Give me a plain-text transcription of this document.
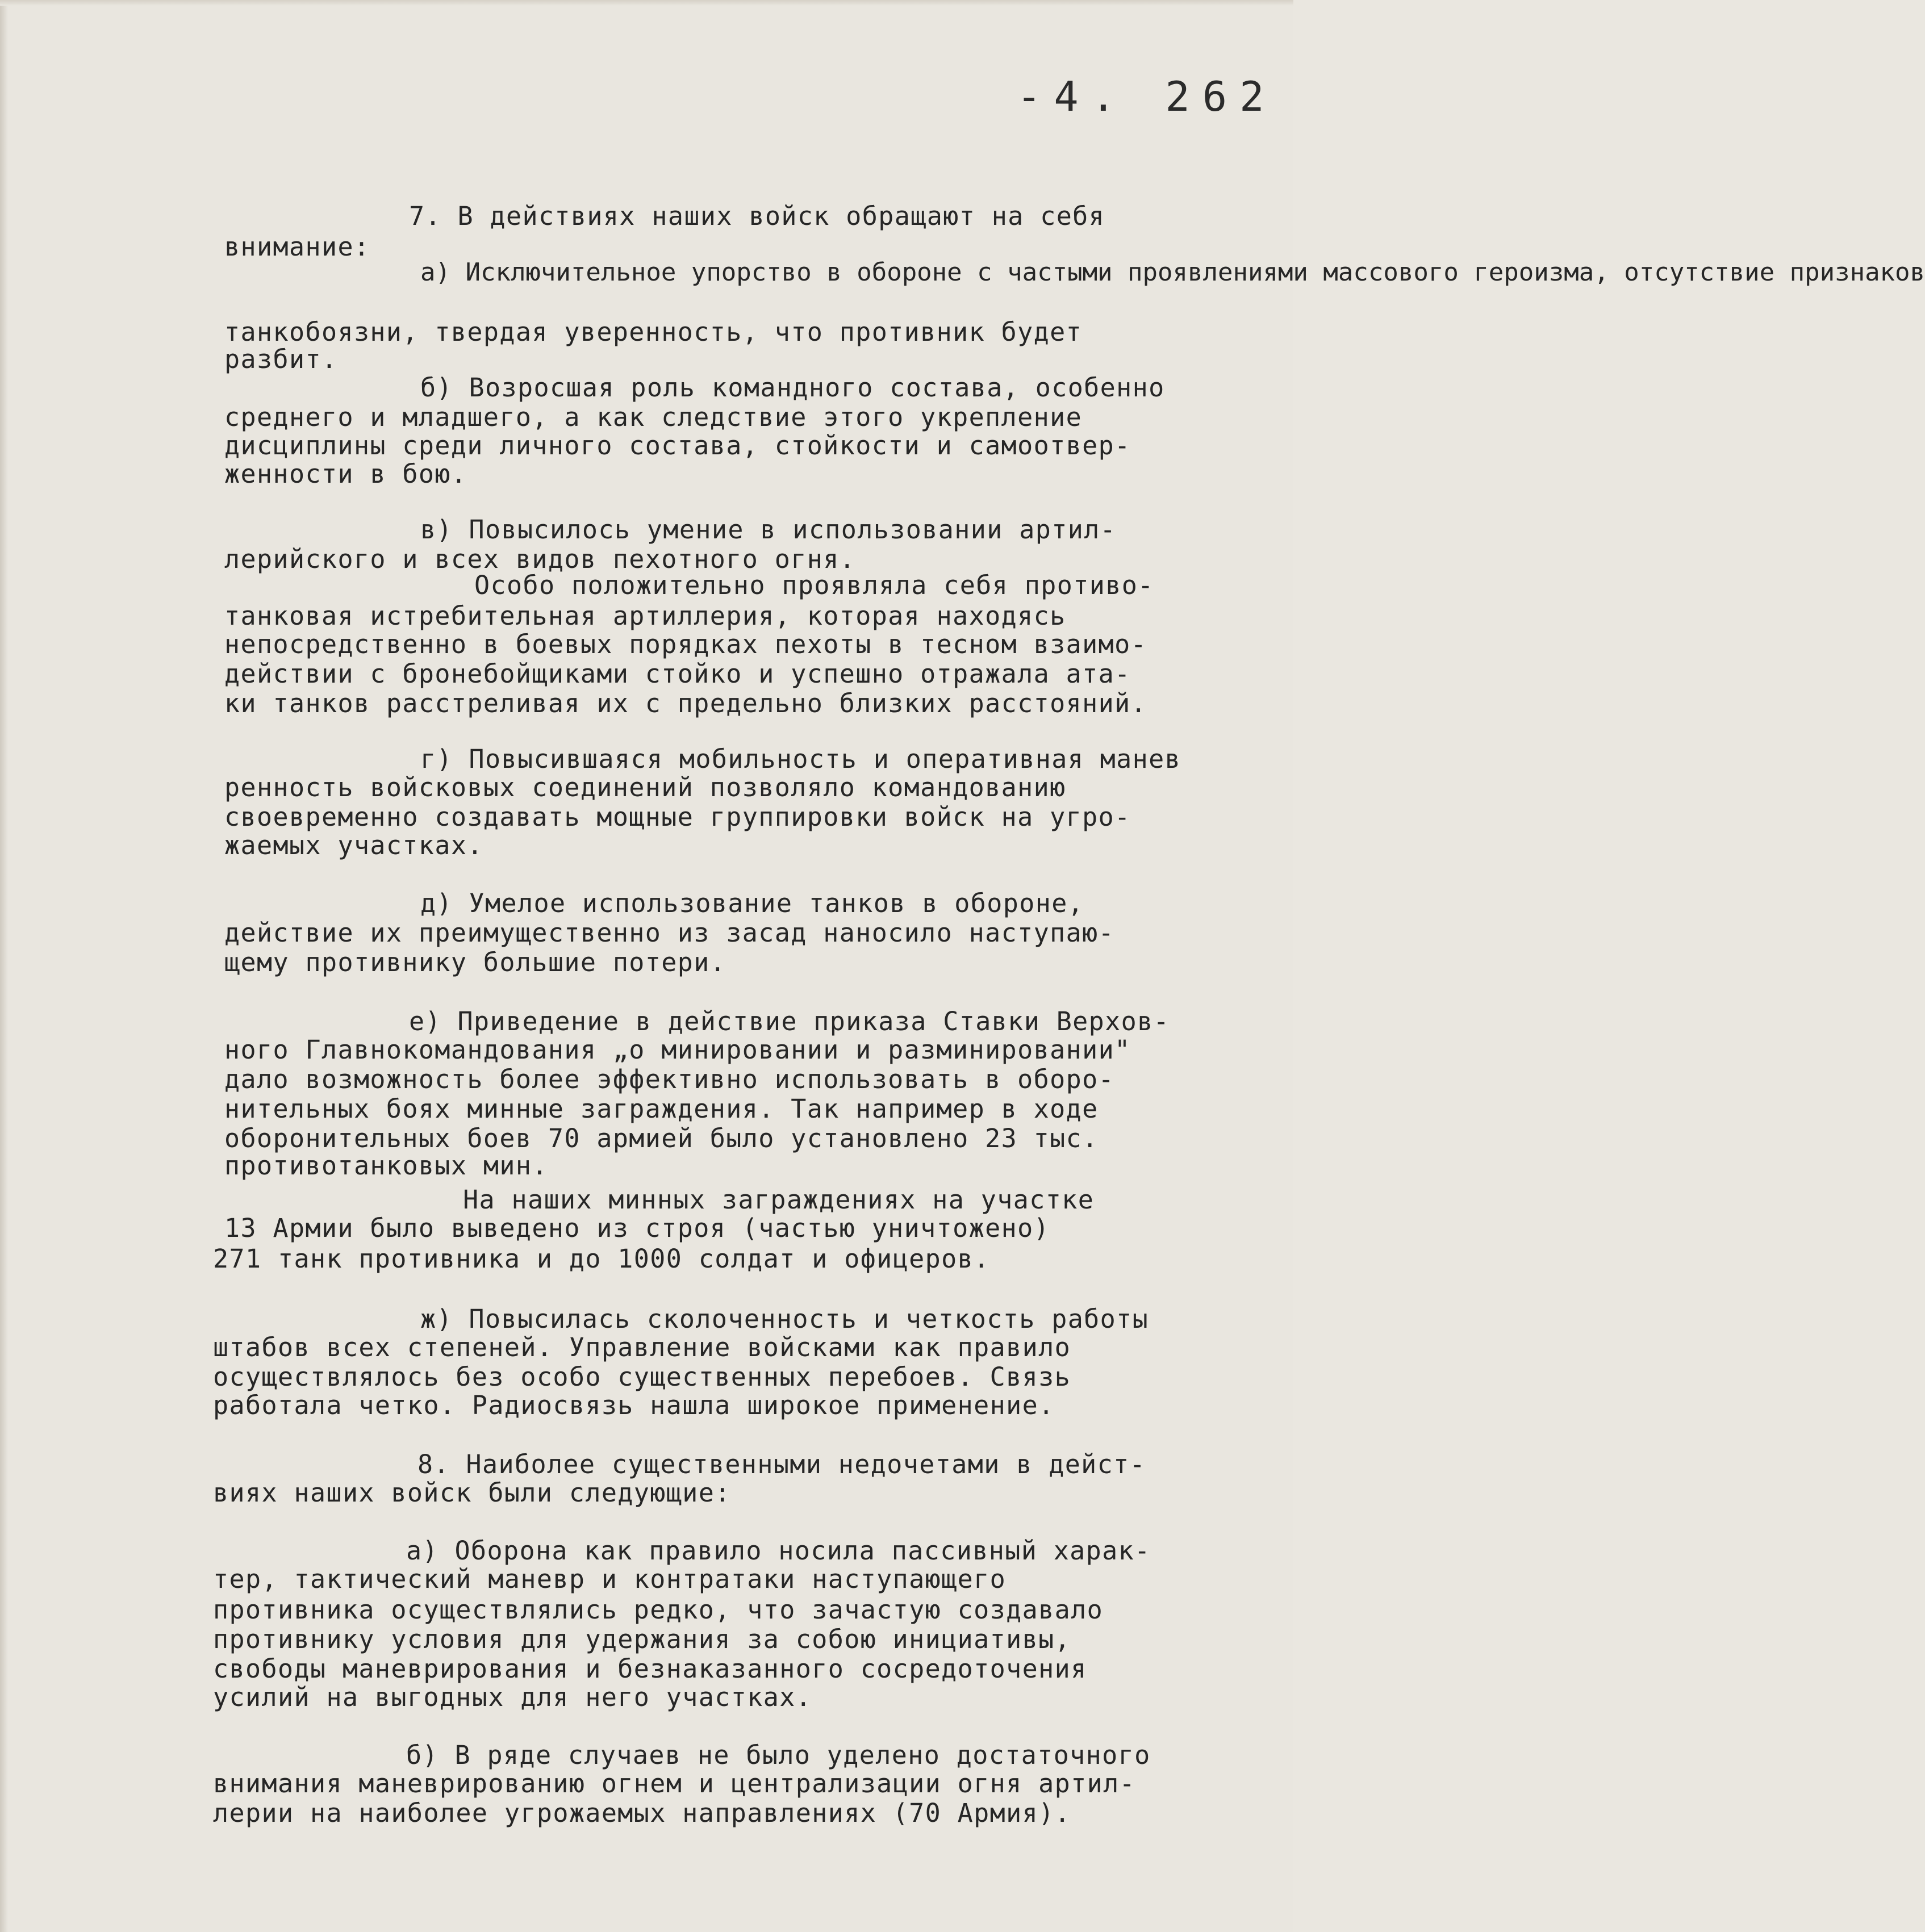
-4. 262
7. В действиях наших войск обращают на себя
внимание:
а) Исключительное упорство в обороне с частыми проявлениями массового героизма, отсутствие признаков
танкобоязни, твердая уверенность, что противник будет
разбит.
б) Возросшая роль командного состава, особенно
среднего и младшего, а как следствие этого укрепление
дисциплины среди личного состава, стойкости и самоотвер-
женности в бою.
в) Повысилось умение в использовании артил-
лерийского и всех видов пехотного огня.
Особо положительно проявляла себя противо-
танковая истребительная артиллерия, которая находясь
непосредственно в боевых порядках пехоты в тесном взаимо-
действии с бронебойщиками стойко и успешно отражала ата-
ки танков расстреливая их с предельно близких расстояний.
г) Повысившаяся мобильность и оперативная манев
ренность войсковых соединений позволяло командованию
своевременно создавать мощные группировки войск на угро-
жаемых участках.
д) Умелое использование танков в обороне,
действие их преимущественно из засад наносило наступаю-
щему противнику большие потери.
е) Приведение в действие приказа Ставки Верхов-
ного Главнокомандования „о минировании и разминировании"
дало возможность более эффективно использовать в оборо-
нительных боях минные заграждения. Так например в ходе
оборонительных боев 70 армией было установлено 23 тыс.
противотанковых мин.
На наших минных заграждениях на участке
13 Армии было выведено из строя (частью уничтожено)
271 танк противника и до 1000 солдат и офицеров.
ж) Повысилась сколоченность и четкость работы
штабов всех степеней. Управление войсками как правило
осуществлялось без особо существенных перебоев. Связь
работала четко. Радиосвязь нашла широкое применение.
8. Наиболее существенными недочетами в дейст-
виях наших войск были следующие:
а) Оборона как правило носила пассивный харак-
тер, тактический маневр и контратаки наступающего
противника осуществлялись редко, что зачастую создавало
противнику условия для удержания за собою инициативы,
свободы маневрирования и безнаказанного сосредоточения
усилий на выгодных для него участках.
б) В ряде случаев не было уделено достаточного
внимания маневрированию огнем и централизации огня артил-
лерии на наиболее угрожаемых направлениях (70 Армия).
